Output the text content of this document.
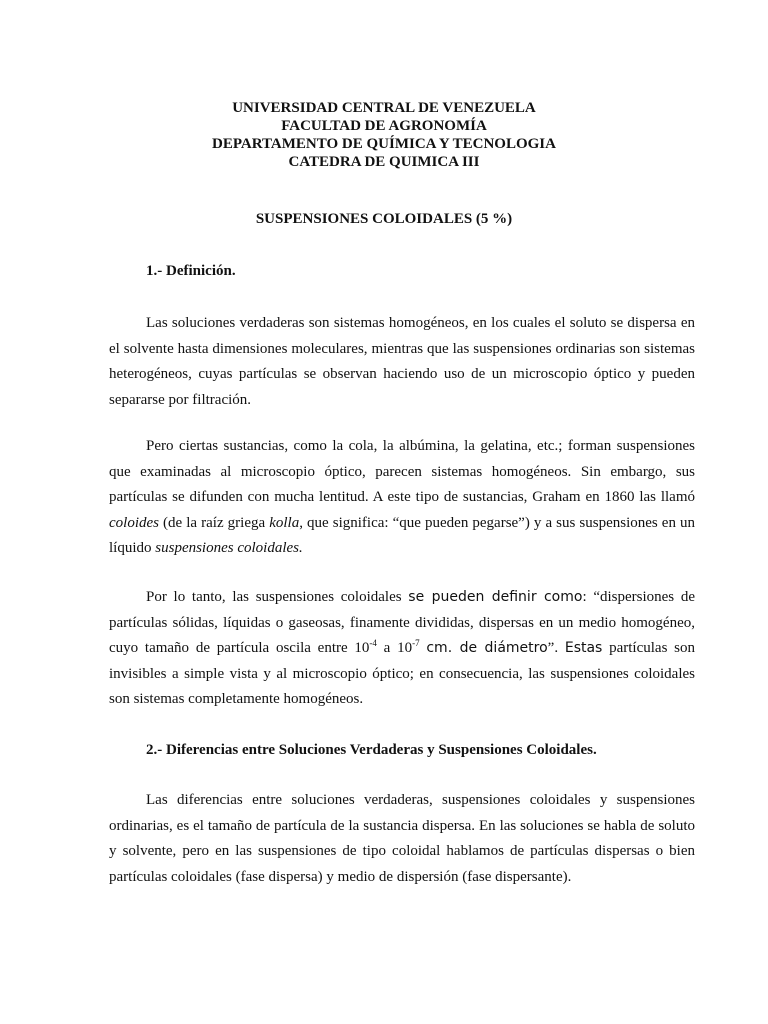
UNIVERSIDAD CENTRAL DE VENEZUELA
FACULTAD DE AGRONOMÍA
DEPARTAMENTO DE QUÍMICA Y TECNOLOGIA
CATEDRA DE QUIMICA III
SUSPENSIONES COLOIDALES (5 %)
1.- Definición.

Las soluciones verdaderas son sistemas homogéneos, en los cuales el soluto se dispersa en el solvente hasta dimensiones moleculares, mientras que las suspensiones ordinarias son sistemas heterogéneos, cuyas partículas se observan haciendo uso de un microscopio óptico y pueden separarse por filtración.

Pero ciertas sustancias, como la cola, la albúmina, la gelatina, etc.; forman suspensiones que examinadas al microscopio óptico, parecen sistemas homogéneos. Sin embargo, sus partículas se difunden con mucha lentitud. A este tipo de sustancias, Graham en 1860 las llamó coloides (de la raíz griega kolla, que significa: “que pueden pegarse”) y a sus suspensiones en un líquido suspensiones coloidales.

Por lo tanto, las suspensiones coloidales se pueden definir como: “dispersiones de partículas sólidas, líquidas o gaseosas, finamente divididas, dispersas en un medio homogéneo, cuyo tamaño de partícula oscila entre $10^{-4}$ a $10^{-7}$ cm. de diámetro”. Estas partículas son invisibles a simple vista y al microscopio óptico; en consecuencia, las suspensiones coloidales son sistemas completamente homogéneos.

2.- Diferencias entre Soluciones Verdaderas y Suspensiones Coloidales.

Las diferencias entre soluciones verdaderas, suspensiones coloidales y suspensiones ordinarias, es el tamaño de partícula de la sustancia dispersa. En las soluciones se habla de soluto y solvente, pero en las suspensiones de tipo coloidal hablamos de partículas dispersas o bien partículas coloidales (fase dispersa) y medio de dispersión (fase dispersante).
